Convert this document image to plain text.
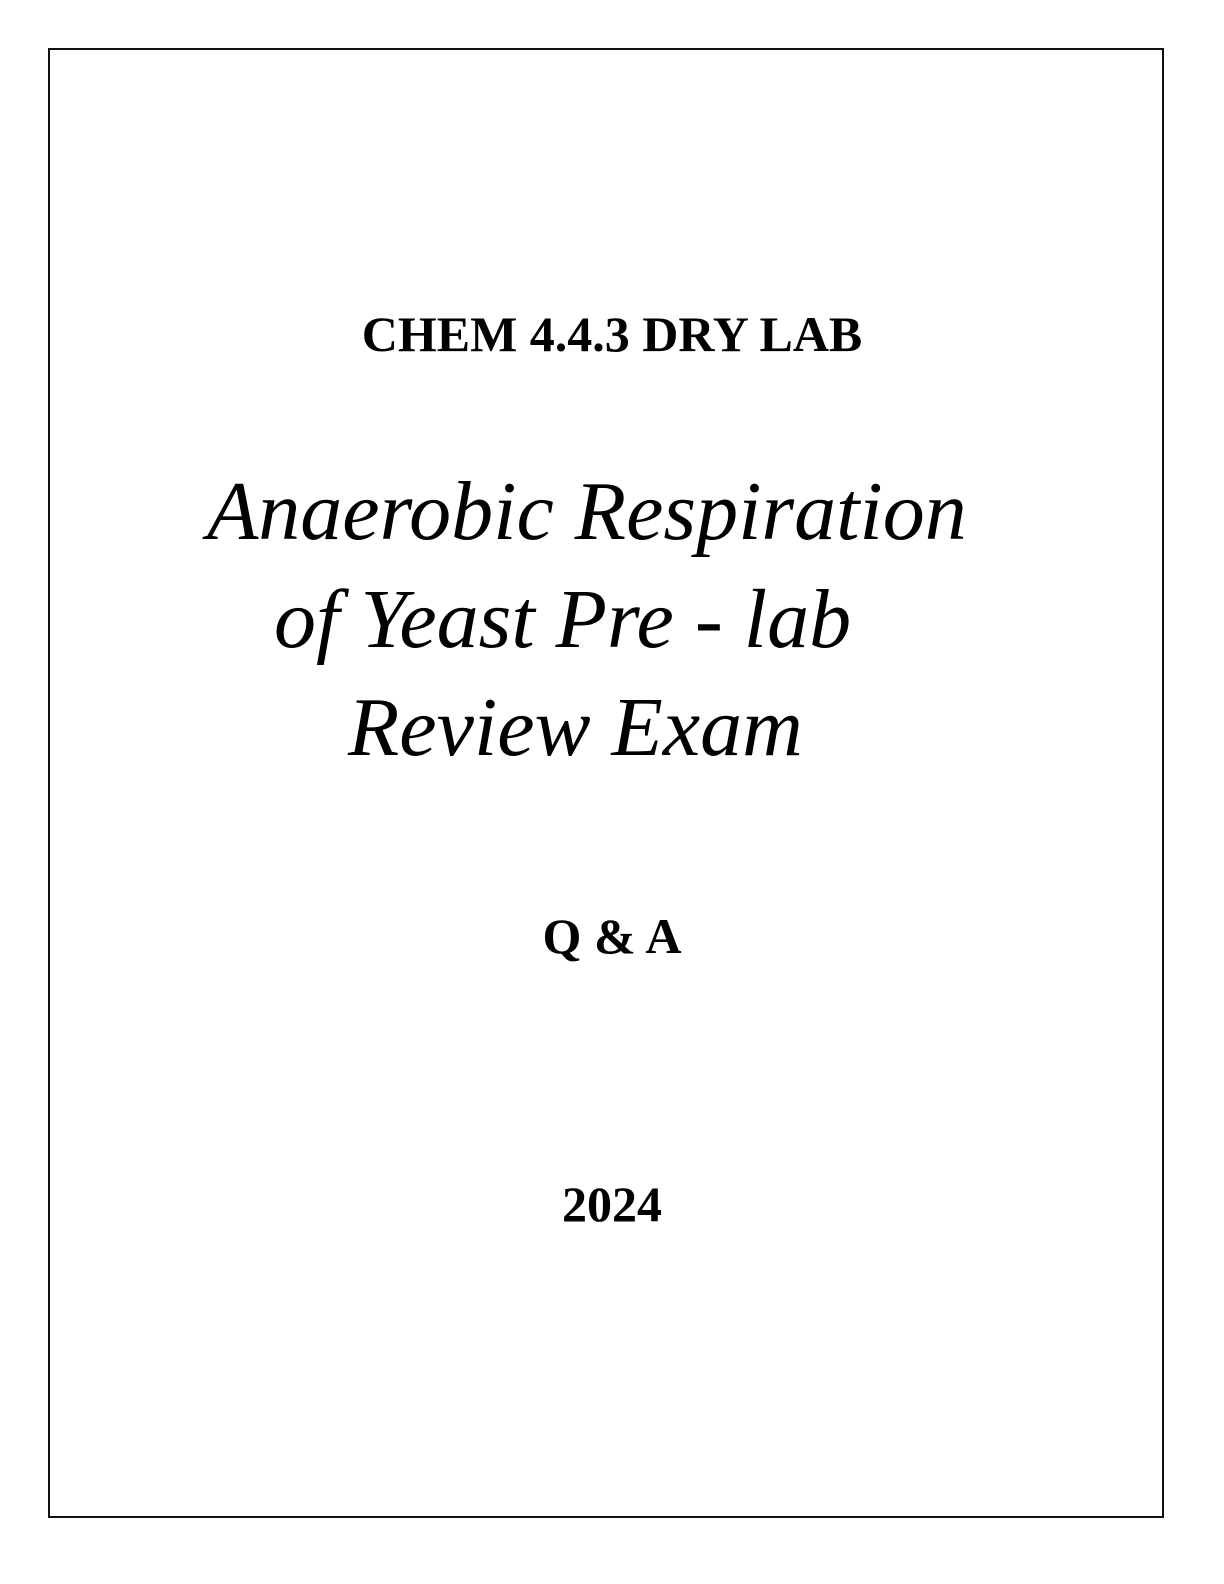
CHEM 4.4.3 DRY LAB
Anaerobic Respiration
of Yeast Pre - lab
Review Exam
Q & A
2024
